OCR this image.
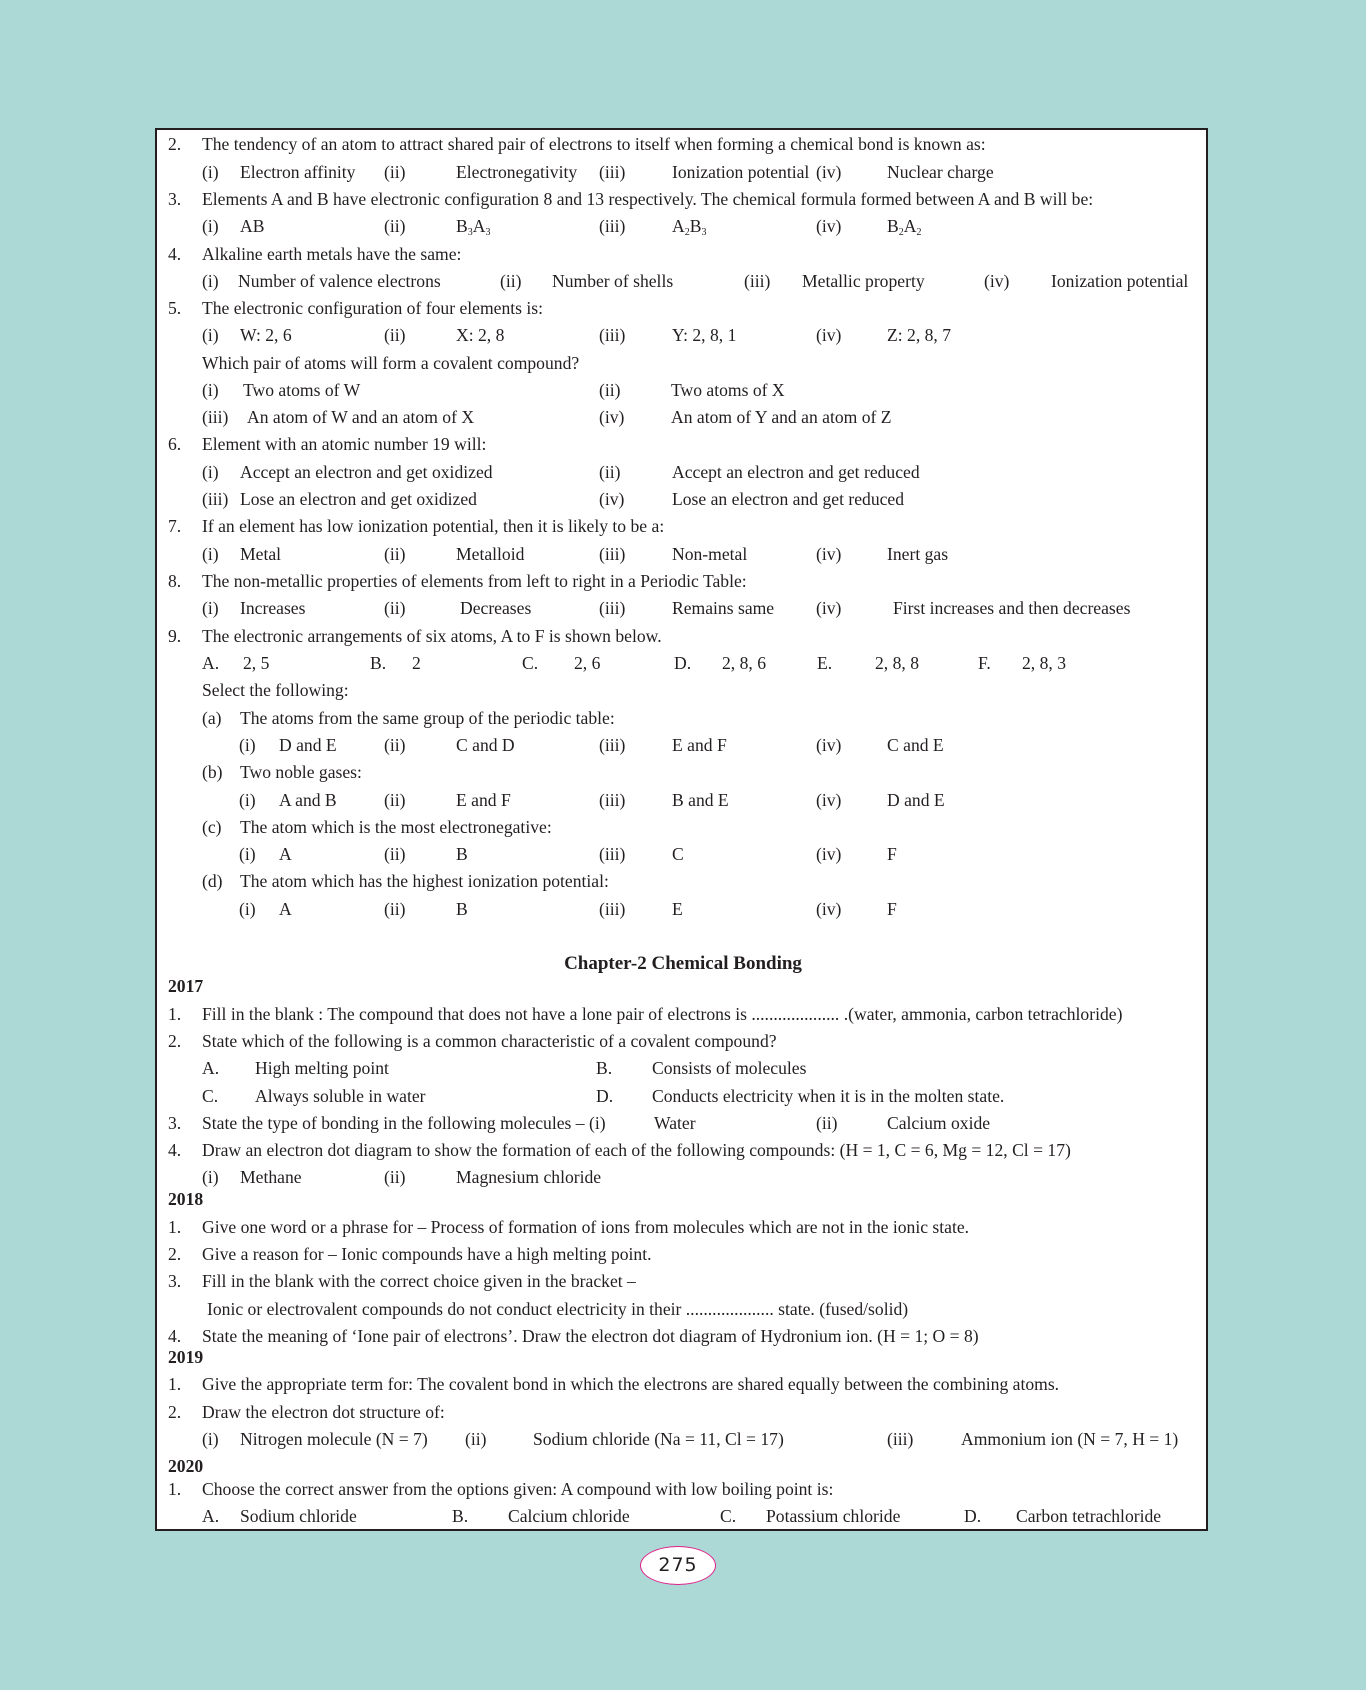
2. The tendency of an atom to attract shared pair of electrons to itself when forming a chemical bond is known as:
(i) Electron affinity (ii)	Electronegativity (iii)	Ionization potential (iv)	Nuclear charge
3. Elements A and B have electronic configuration 8 and 13 respectively. The chemical formula formed between A and B will be:
(i) AB	(ii)	$B_3A_3$	(iii)	$A_2B_3$	(iv)	$B_2A_2$
4. Alkaline earth metals have the same:
(i) Number of valence electrons	(ii) Number of shells	(iii) Metallic property	(iv) Ionization potential
5. The electronic configuration of four elements is:
(i) W: 2, 6	(ii)	X: 2, 8	(iii)	Y: 2, 8, 1	(iv)	Z: 2, 8, 7
Which pair of atoms will form a covalent compound?
(i) Two atoms of W	(ii)	Two atoms of X
(iii) An atom of W and an atom of X	(iv)	An atom of Y and an atom of Z
6. Element with an atomic number 19 will:
(i) Accept an electron and get oxidized	(ii)	Accept an electron and get reduced
(iii) Lose an electron and get oxidized	(iv)	Lose an electron and get reduced
7. If an element has low ionization potential, then it is likely to be a:
(i) Metal	(ii)	Metalloid	(iii)	Non-metal	(iv)	Inert gas
8. The non-metallic properties of elements from left to right in a Periodic Table:
(i) Increases	(ii)	Decreases	(iii)	Remains same (iv)	First increases and then decreases
9. The electronic arrangements of six atoms, A to F is shown below.
A. 2, 5	B. 2	C. 2, 6	D. 2, 8, 6	E. 2, 8, 8	F. 2, 8, 3
Select the following:
(a) The atoms from the same group of the periodic table:
(i) D and E	(ii)	C and D	(iii)	E and F	(iv)	C and E
(b) Two noble gases:
(i) A and B	(ii)	E and F	(iii)	B and E	(iv)	D and E
(c) The atom which is the most electronegative:
(i) A	(ii)	B	(iii)	C	(iv)	F
(d) The atom which has the highest ionization potential:
(i) A	(ii)	B	(iii)	E	(iv)	F
Chapter-2 Chemical Bonding
2017
1. Fill in the blank : The compound that does not have a lone pair of electrons is .................... .(water, ammonia, carbon tetrachloride)
2. State which of the following is a common characteristic of a covalent compound?
A. High melting point	B. Consists of molecules
C. Always soluble in water	D. Conducts electricity when it is in the molten state.
3. State the type of bonding in the following molecules – (i)	Water	(ii)	Calcium oxide
4. Draw an electron dot diagram to show the formation of each of the following compounds: (H = 1, C = 6, Mg = 12, Cl = 17)
(i) Methane	(ii)	Magnesium chloride
2018
1. Give one word or a phrase for – Process of formation of ions from molecules which are not in the ionic state.
2. Give a reason for – Ionic compounds have a high melting point.
3. Fill in the blank with the correct choice given in the bracket –
Ionic or electrovalent compounds do not conduct electricity in their .................... state. (fused/solid)
4. State the meaning of ‘Ione pair of electrons’. Draw the electron dot diagram of Hydronium ion. (H = 1; O = 8)
2019
1. Give the appropriate term for: The covalent bond in which the electrons are shared equally between the combining atoms.
2. Draw the electron dot structure of:
(i) Nitrogen molecule (N = 7) (ii)	Sodium chloride (Na = 11, Cl = 17)	(iii)	Ammonium ion (N = 7, H = 1)
2020
1. Choose the correct answer from the options given: A compound with low boiling point is:
A. Sodium chloride	B. Calcium chloride	C. Potassium chloride	D. Carbon tetrachloride
275
